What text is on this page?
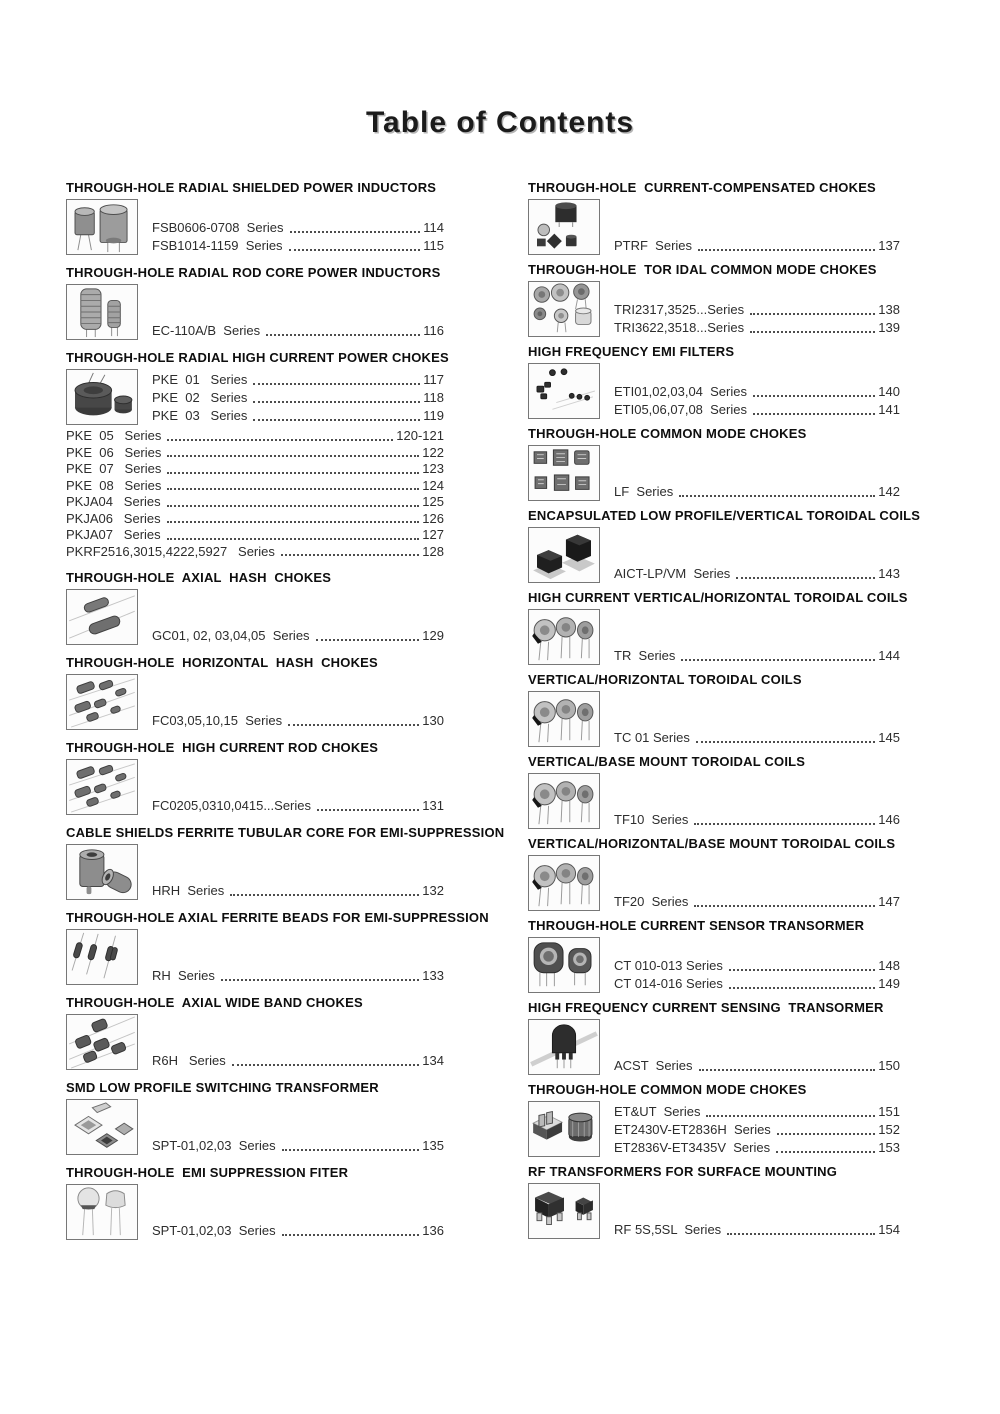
Table of Contents
THROUGH-HOLE RADIAL SHIELDED POWER INDUCTORS
FSB0606-0708  Series	114
FSB1014-1159  Series	115
THROUGH-HOLE RADIAL ROD CORE POWER INDUCTORS
EC-110A/B  Series	116
THROUGH-HOLE RADIAL HIGH CURRENT POWER CHOKES
PKE  01   Series	117
PKE  02   Series	118
PKE  03   Series	119
PKE  05   Series	120-121
PKE  06   Series	122
PKE  07   Series	123
PKE  08   Series	124
PKJA04   Series	125
PKJA06   Series	126
PKJA07   Series	127
PKRF2516,3015,4222,5927   Series	128
THROUGH-HOLE  AXIAL  HASH  CHOKES
GC01, 02, 03,04,05  Series	129
THROUGH-HOLE  HORIZONTAL  HASH  CHOKES
FC03,05,10,15  Series	130
THROUGH-HOLE  HIGH CURRENT ROD CHOKES
FC0205,0310,0415...Series	131
CABLE SHIELDS FERRITE TUBULAR CORE FOR EMI-SUPPRESSION
HRH  Series	132
THROUGH-HOLE AXIAL FERRITE BEADS FOR EMI-SUPPRESSION
RH  Series	133
THROUGH-HOLE  AXIAL WIDE BAND CHOKES
R6H   Series	134
SMD LOW PROFILE SWITCHING TRANSFORMER
SPT-01,02,03  Series	135
THROUGH-HOLE  EMI SUPPRESSION FITER
SPT-01,02,03  Series	136
THROUGH-HOLE  CURRENT-COMPENSATED CHOKES
PTRF  Series	137
THROUGH-HOLE  TOR IDAL COMMON MODE CHOKES
TRI2317,3525...Series	138
TRI3622,3518...Series	139
HIGH FREQUENCY EMI FILTERS
ETI01,02,03,04  Series	140
ETI05,06,07,08  Series	141
THROUGH-HOLE COMMON MODE CHOKES
LF  Series	142
ENCAPSULATED LOW PROFILE/VERTICAL TOROIDAL COILS
AICT-LP/VM  Series	143
HIGH CURRENT VERTICAL/HORIZONTAL TOROIDAL COILS
TR  Series	144
VERTICAL/HORIZONTAL TOROIDAL COILS
TC 01 Series	145
VERTICAL/BASE MOUNT TOROIDAL COILS
TF10  Series	146
VERTICAL/HORIZONTAL/BASE MOUNT TOROIDAL COILS
TF20  Series	147
THROUGH-HOLE CURRENT SENSOR TRANSORMER
CT 010-013 Series	148
CT 014-016 Series	149
HIGH FREQUENCY CURRENT SENSING  TRANSORMER
ACST  Series	150
THROUGH-HOLE COMMON MODE CHOKES
ET&UT  Series	151
ET2430V-ET2836H  Series	152
ET2836V-ET3435V  Series	153
RF TRANSFORMERS FOR SURFACE MOUNTING
RF 5S,5SL  Series	154
